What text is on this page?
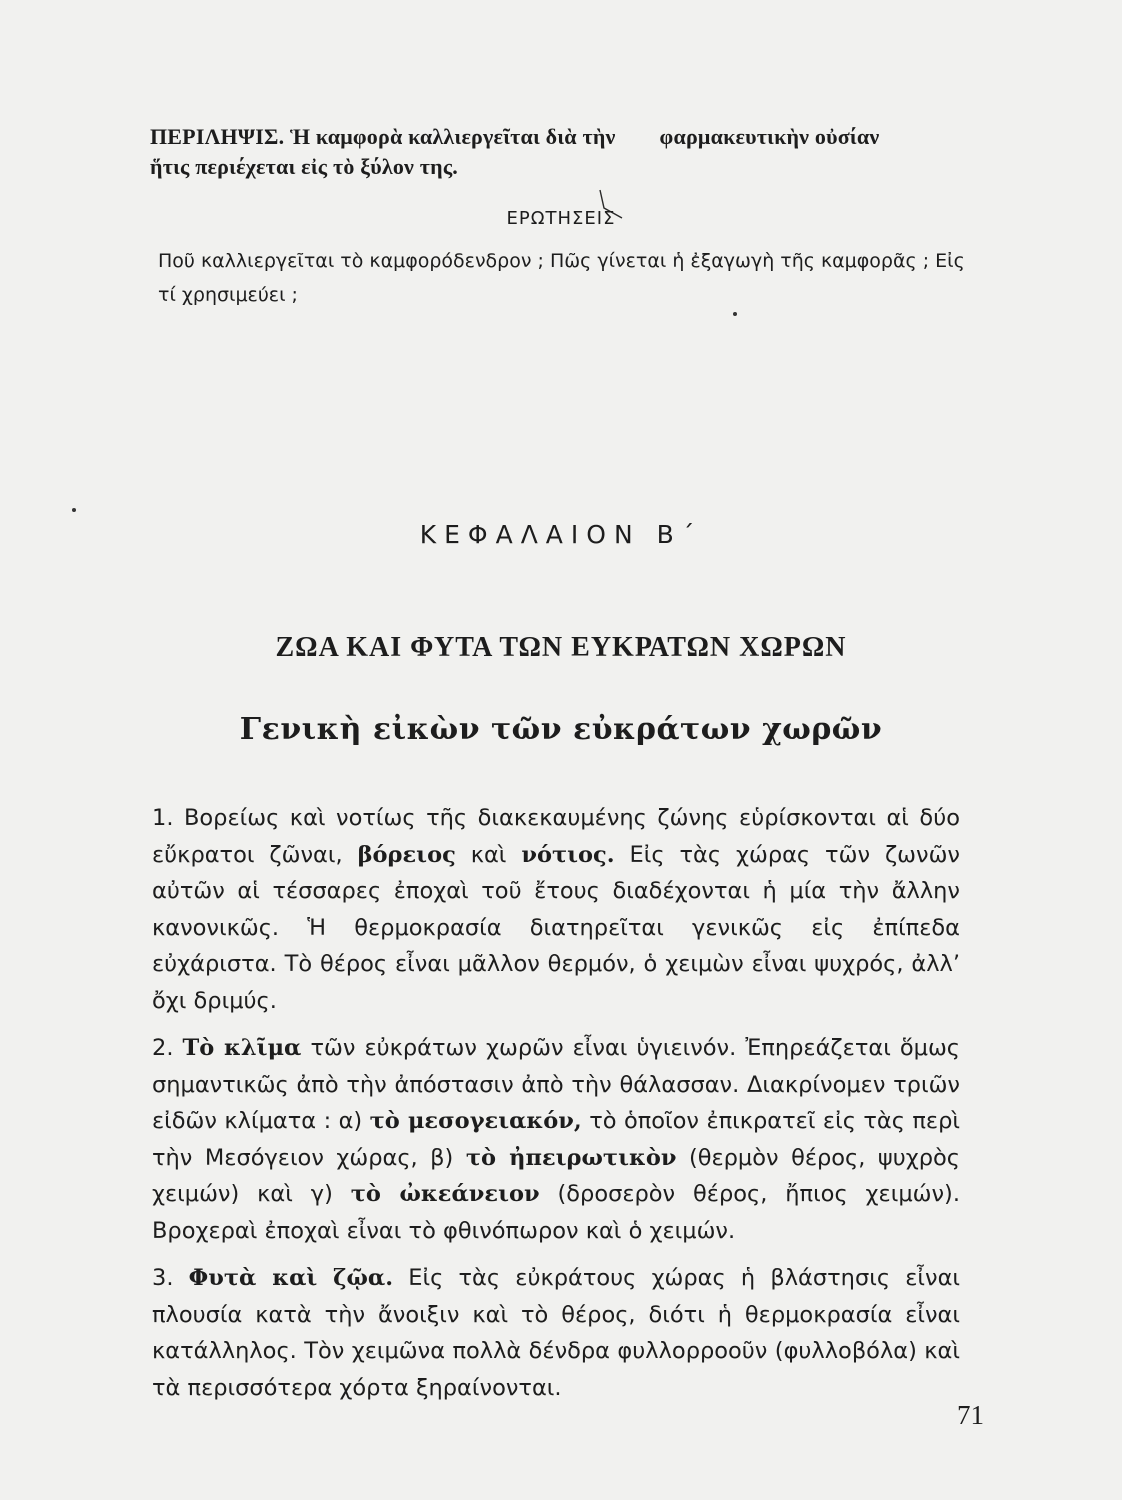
ΠΕΡΙΛΗΨΙΣ. Ἡ καμφορὰ καλλιεργεῖται διὰ τὴν φαρμακευτικὴν οὐσίαν
ἥτις περιέχεται εἰς τὸ ξύλον της.
ΕΡΩΤΗΣΕΙΣ
Ποῦ καλλιεργεῖται τὸ καμφορόδενδρον ; Πῶς γίνεται ἡ ἐξαγωγὴ τῆς καμφορᾶς ; Εἰς τί χρησιμεύει ;
ΚΕΦΑΛΑΙΟΝ Β΄
ΖΩΑ ΚΑΙ ΦΥΤΑ ΤΩΝ ΕΥΚΡΑΤΩΝ ΧΩΡΩΝ
Γενικὴ εἰκὼν τῶν εὐκράτων χωρῶν

1. Βορείως καὶ νοτίως τῆς διακεκαυμένης ζώνης εὑρίσκονται αἱ δύο εὔκρατοι ζῶναι, βόρειος καὶ νότιος. Εἰς τὰς χώρας τῶν ζωνῶν αὐτῶν αἱ τέσσαρες ἐποχαὶ τοῦ ἔτους διαδέχονται ἡ μία τὴν ἄλλην κανονικῶς. Ἡ θερμοκρασία διατηρεῖται γενικῶς εἰς ἐπίπεδα εὐχάριστα. Τὸ θέρος εἶναι μᾶλλον θερμόν, ὁ χειμὼν εἶναι ψυχρός, ἀλλ’ ὄχι δριμύς.

2. Τὸ κλῖμα τῶν εὐκράτων χωρῶν εἶναι ὑγιεινόν. Ἐπηρεάζεται ὅμως σημαντικῶς ἀπὸ τὴν ἀπόστασιν ἀπὸ τὴν θάλασσαν. Διακρίνομεν τριῶν εἰδῶν κλίματα : α) τὸ μεσογειακόν, τὸ ὁποῖον ἐπικρατεῖ εἰς τὰς περὶ τὴν Μεσόγειον χώρας, β) τὸ ἠπειρωτικὸν (θερμὸν θέρος, ψυχρὸς χειμών) καὶ γ) τὸ ὠκεάνειον (δροσερὸν θέρος, ἤπιος χειμών). Βροχεραὶ ἐποχαὶ εἶναι τὸ φθινόπωρον καὶ ὁ χειμών.

3. Φυτὰ καὶ ζῷα. Εἰς τὰς εὐκράτους χώρας ἡ βλάστησις εἶναι πλουσία κατὰ τὴν ἄνοιξιν καὶ τὸ θέρος, διότι ἡ θερμοκρασία εἶναι κατάλληλος. Τὸν χειμῶνα πολλὰ δένδρα φυλλορροοῦν (φυλλοβόλα) καὶ τὰ περισσότερα χόρτα ξηραίνονται.

71
